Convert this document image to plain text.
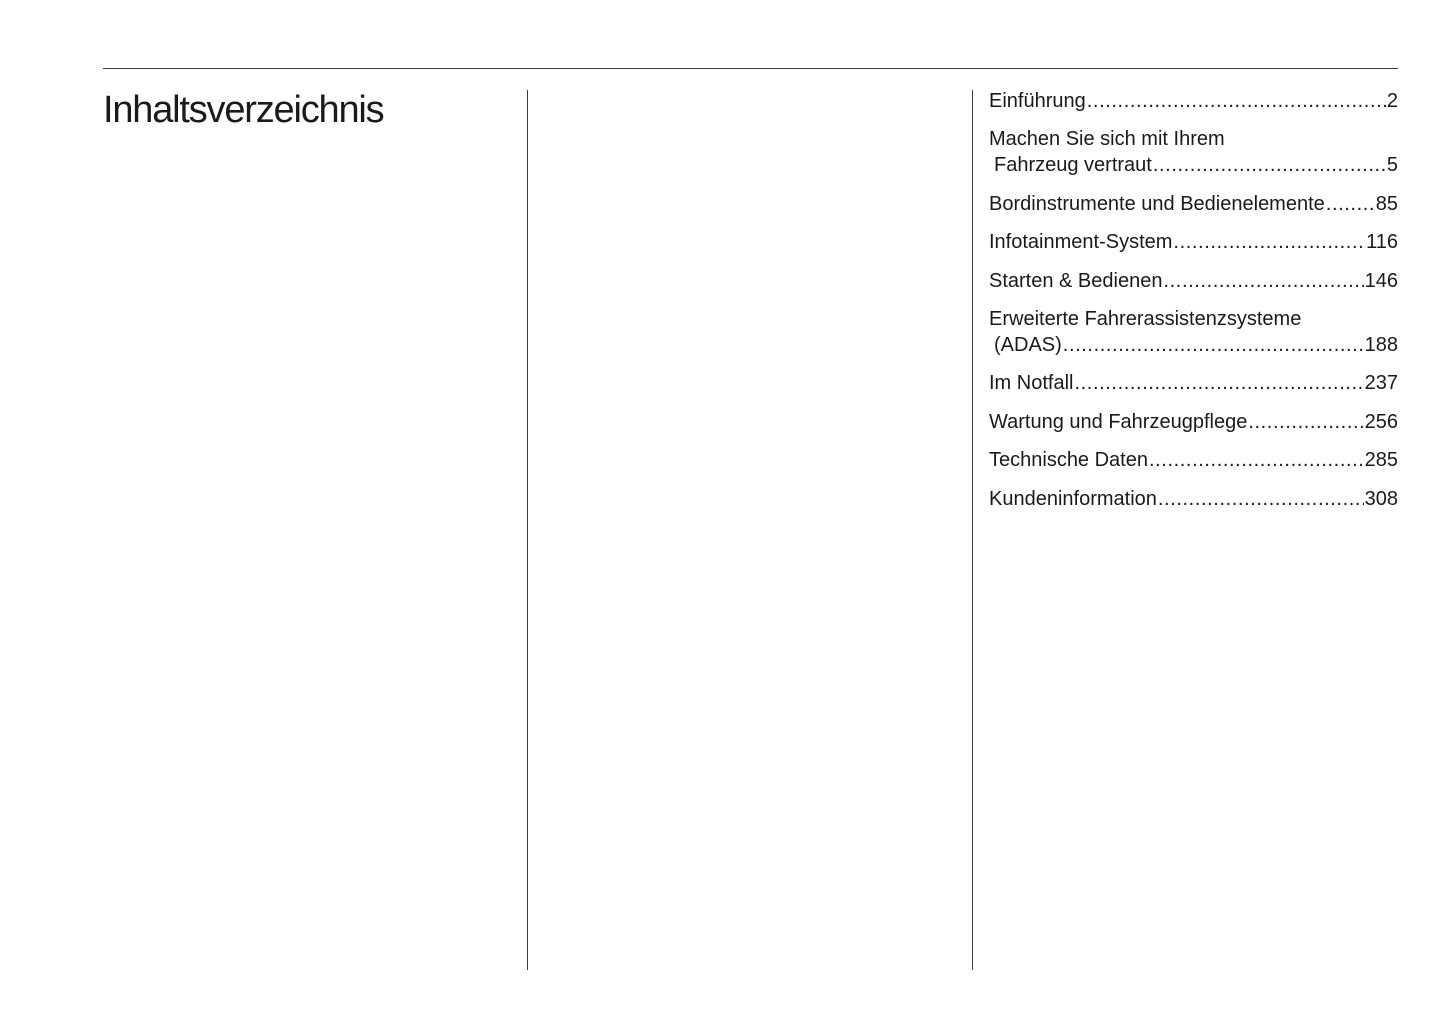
Inhaltsverzeichnis	Einführung .....	2
Machen Sie sich mit Ihrem
Fahrzeug vertraut .....	5
Bordinstrumente und Bedienelemente .....	85
Infotainment-System .....	116
Starten & Bedienen .....	146
Erweiterte Fahrerassistenzsysteme
(ADAS) .....	188
Im Notfall .....	237
Wartung und Fahrzeugpflege .....	256
Technische Daten .....	285
Kundeninformation .....	308
